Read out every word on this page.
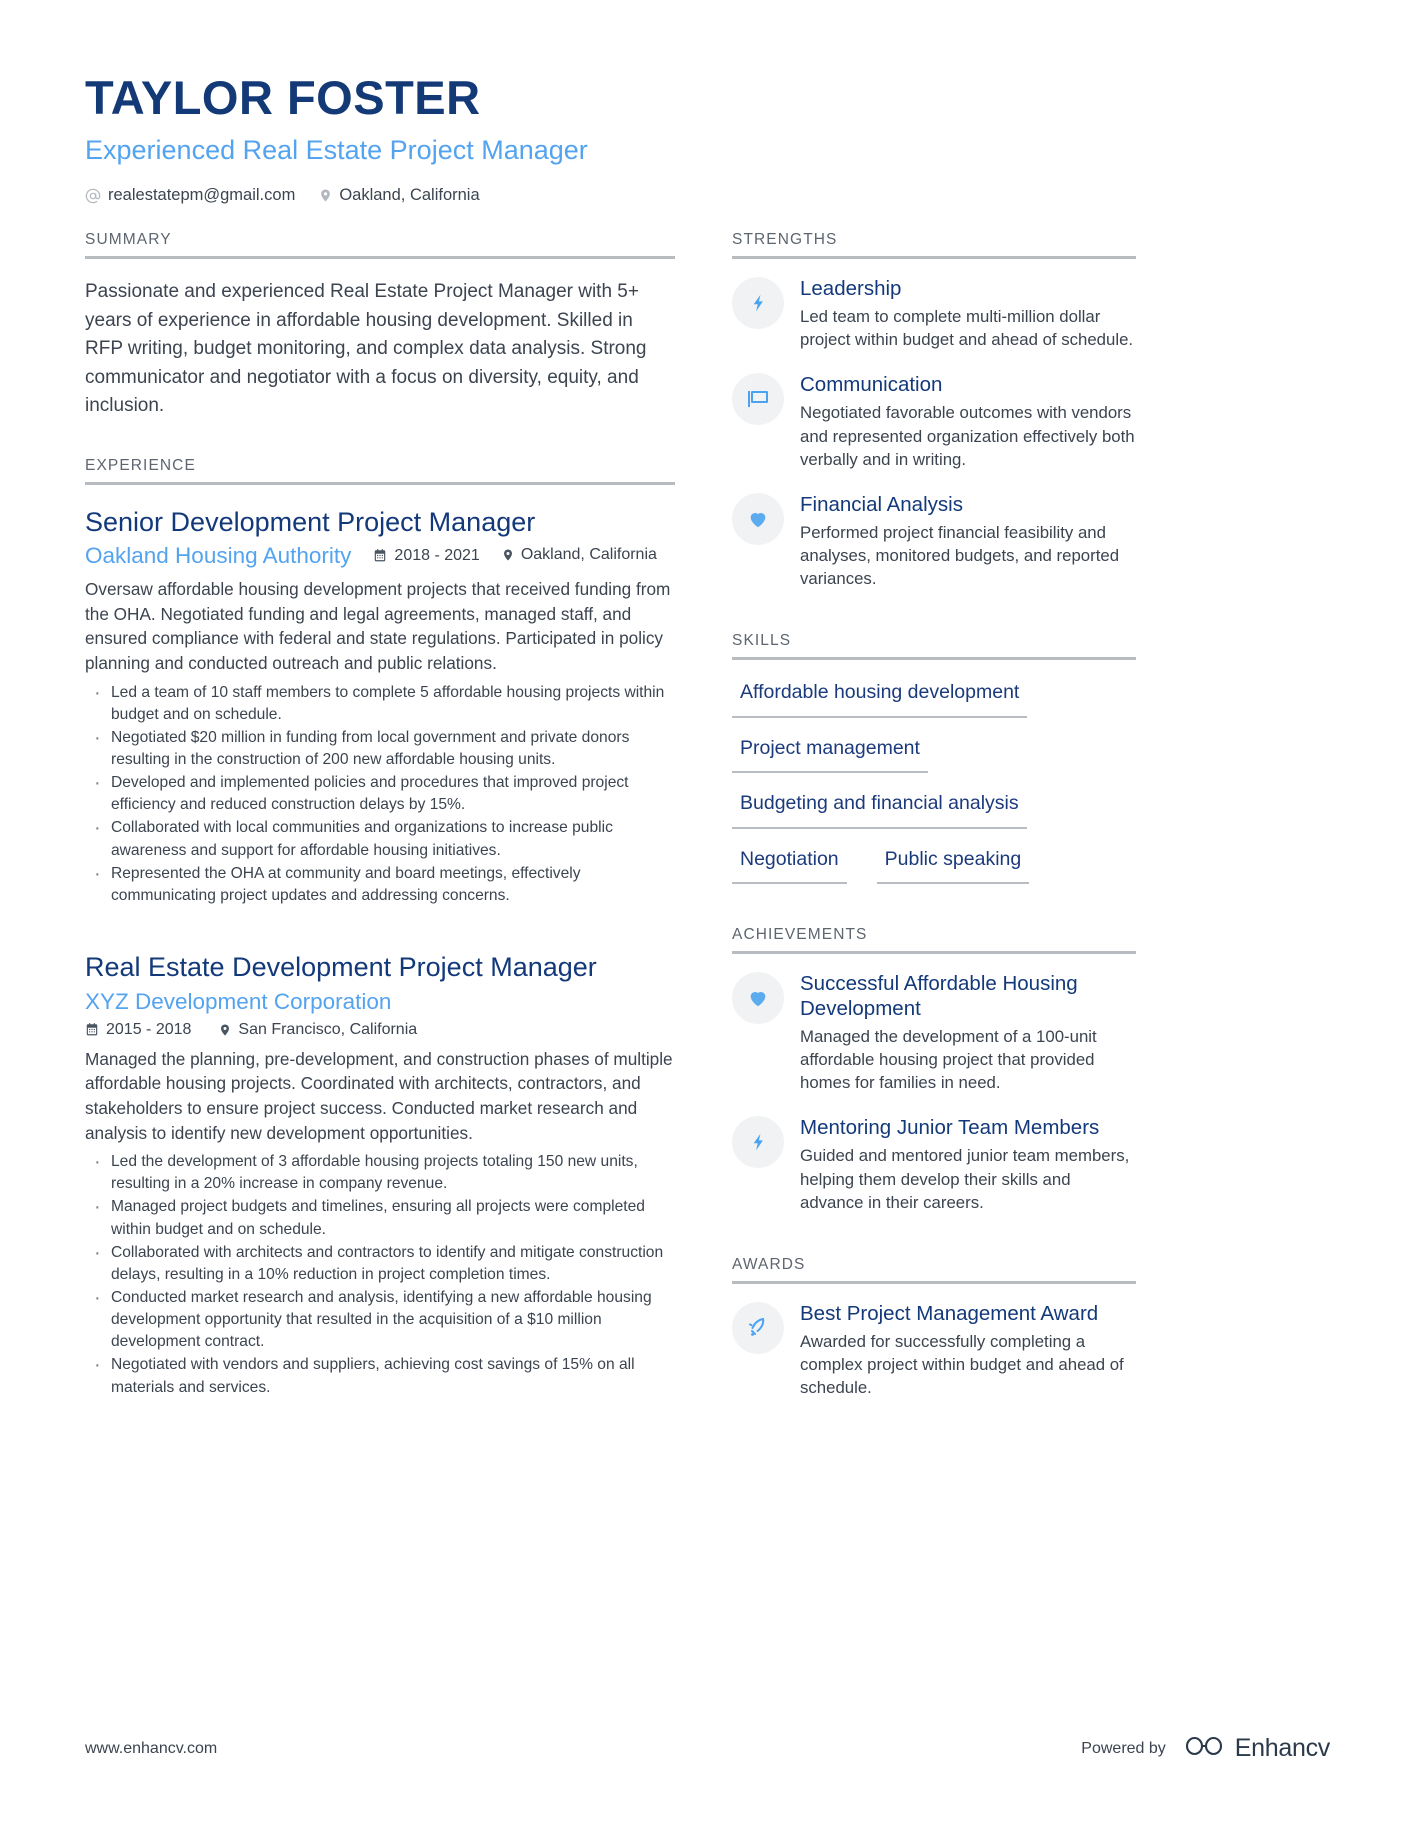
TAYLOR FOSTER
Experienced Real Estate Project Manager
realestatepm@gmail.com	Oakland, California
SUMMARY
Passionate and experienced Real Estate Project Manager with 5+ years of experience in affordable housing development. Skilled in RFP writing, budget monitoring, and complex data analysis. Strong communicator and negotiator with a focus on diversity, equity, and inclusion.
EXPERIENCE
Senior Development Project Manager
Oakland Housing Authority	2018 - 2021	Oakland, California
Oversaw affordable housing development projects that received funding from the OHA. Negotiated funding and legal agreements, managed staff, and ensured compliance with federal and state regulations. Participated in policy planning and conducted outreach and public relations.
· Led a team of 10 staff members to complete 5 affordable housing projects within budget and on schedule.
· Negotiated $20 million in funding from local government and private donors resulting in the construction of 200 new affordable housing units.
· Developed and implemented policies and procedures that improved project efficiency and reduced construction delays by 15%.
· Collaborated with local communities and organizations to increase public awareness and support for affordable housing initiatives.
· Represented the OHA at community and board meetings, effectively communicating project updates and addressing concerns.
Real Estate Development Project Manager
XYZ Development Corporation
2015 - 2018	San Francisco, California
Managed the planning, pre-development, and construction phases of multiple affordable housing projects. Coordinated with architects, contractors, and stakeholders to ensure project success. Conducted market research and analysis to identify new development opportunities.
· Led the development of 3 affordable housing projects totaling 150 new units, resulting in a 20% increase in company revenue.
· Managed project budgets and timelines, ensuring all projects were completed within budget and on schedule.
· Collaborated with architects and contractors to identify and mitigate construction delays, resulting in a 10% reduction in project completion times.
· Conducted market research and analysis, identifying a new affordable housing development opportunity that resulted in the acquisition of a $10 million development contract.
· Negotiated with vendors and suppliers, achieving cost savings of 15% on all materials and services.
STRENGTHS
Leadership
Led team to complete multi-million dollar project within budget and ahead of schedule.
Communication
Negotiated favorable outcomes with vendors and represented organization effectively both verbally and in writing.
Financial Analysis
Performed project financial feasibility and analyses, monitored budgets, and reported variances.
SKILLS
Affordable housing development
Project management
Budgeting and financial analysis
Negotiation	Public speaking
ACHIEVEMENTS
Successful Affordable Housing Development
Managed the development of a 100-unit affordable housing project that provided homes for families in need.
Mentoring Junior Team Members
Guided and mentored junior team members, helping them develop their skills and advance in their careers.
AWARDS
Best Project Management Award
Awarded for successfully completing a complex project within budget and ahead of schedule.
www.enhancv.com	Powered by	Enhancv
